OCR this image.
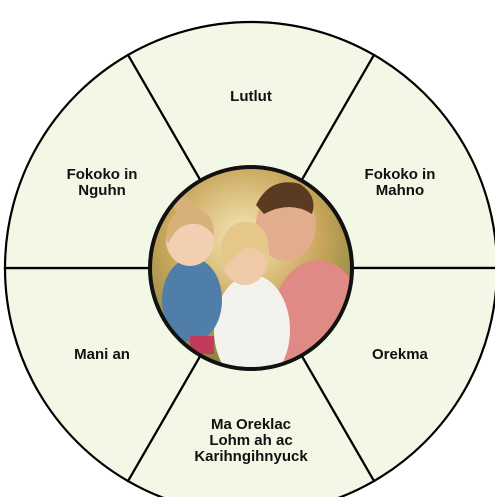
Lutlut
Fokoko in Mahno
Orekma
Ma Oreklac Lohm ah ac Karihngihnyuck
Mani an
Fokoko in Nguhn
